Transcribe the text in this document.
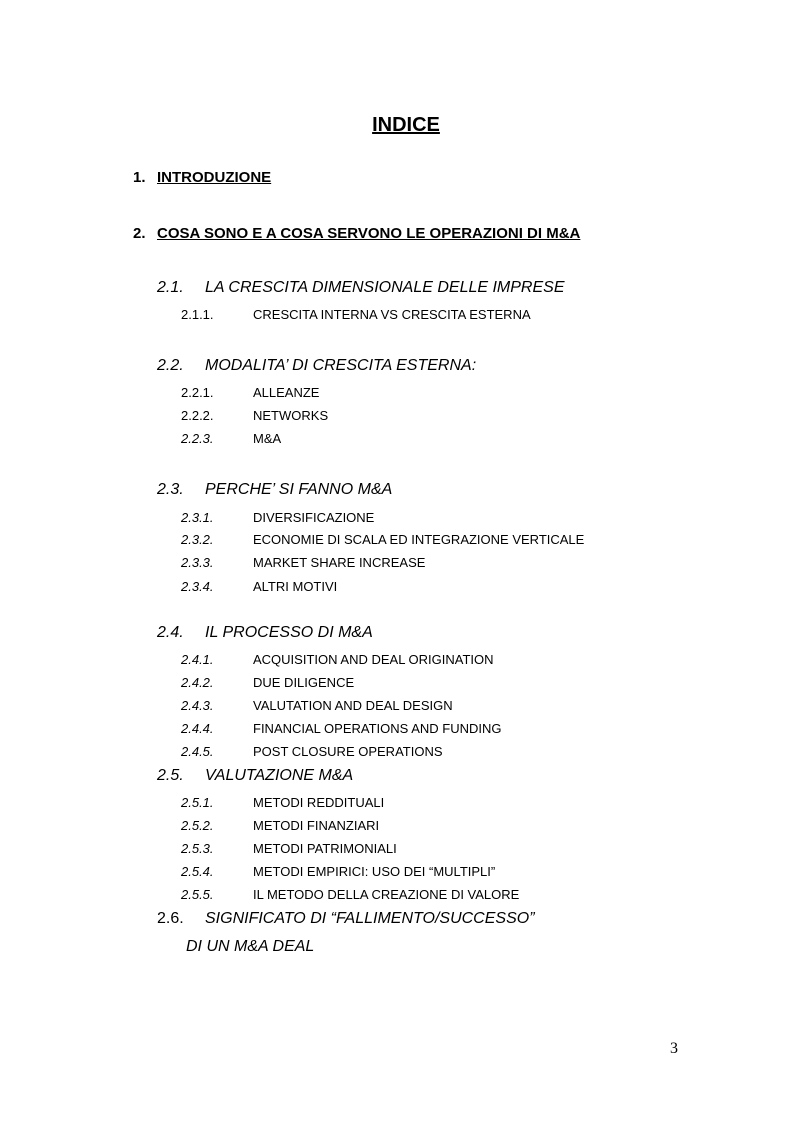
INDICE
1. INTRODUZIONE
2. COSA SONO E A COSA SERVONO LE OPERAZIONI DI M&A
2.1. LA CRESCITA DIMENSIONALE DELLE IMPRESE
2.1.1.	CRESCITA INTERNA VS CRESCITA ESTERNA
2.2. MODALITA’ DI CRESCITA ESTERNA:
2.2.1.	ALLEANZE
2.2.2.	NETWORKS
2.2.3.	M&A
2.3. PERCHE’ SI FANNO M&A
2.3.1.	DIVERSIFICAZIONE
2.3.2.	ECONOMIE DI SCALA ED INTEGRAZIONE VERTICALE
2.3.3.	MARKET SHARE INCREASE
2.3.4.	ALTRI MOTIVI
2.4. IL PROCESSO DI M&A
2.4.1.	ACQUISITION AND DEAL ORIGINATION
2.4.2.	DUE DILIGENCE
2.4.3.	VALUTATION AND DEAL DESIGN
2.4.4.	FINANCIAL OPERATIONS AND FUNDING
2.4.5.	POST CLOSURE OPERATIONS
2.5. VALUTAZIONE M&A
2.5.1.	METODI REDDITUALI
2.5.2.	METODI FINANZIARI
2.5.3.	METODI PATRIMONIALI
2.5.4.	METODI EMPIRICI: USO DEI “MULTIPLI”
2.5.5.	IL METODO DELLA CREAZIONE DI VALORE
2.6. SIGNIFICATO DI “FALLIMENTO/SUCCESSO”
DI UN M&A DEAL
3
